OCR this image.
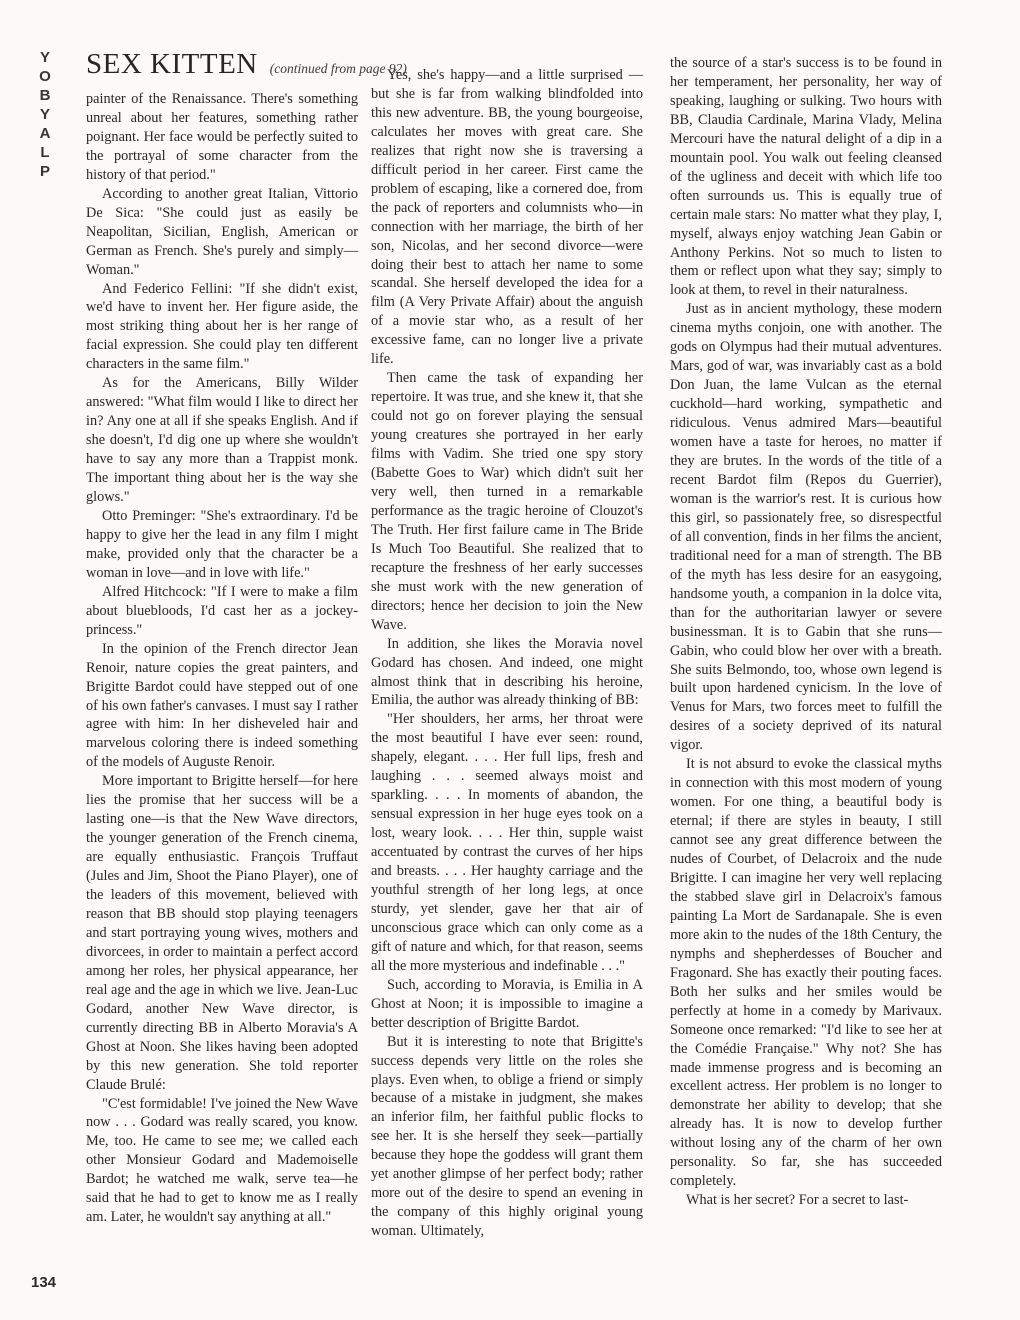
Y
O
B
Y
A
L
P
134
SEX KITTEN (continued from page 92)

painter of the Renaissance. There's something unreal about her features, something rather poignant. Her face would be perfectly suited to the portrayal of some character from the history of that period."

According to another great Italian, Vittorio De Sica: "She could just as easily be Neapolitan, Sicilian, English, American or German as French. She's purely and simply—Woman."

And Federico Fellini: "If she didn't exist, we'd have to invent her. Her figure aside, the most striking thing about her is her range of facial expression. She could play ten different characters in the same film."

As for the Americans, Billy Wilder answered: "What film would I like to direct her in? Any one at all if she speaks English. And if she doesn't, I'd dig one up where she wouldn't have to say any more than a Trappist monk. The important thing about her is the way she glows."

Otto Preminger: "She's extraordinary. I'd be happy to give her the lead in any film I might make, provided only that the character be a woman in love—and in love with life."

Alfred Hitchcock: "If I were to make a film about bluebloods, I'd cast her as a jockey-princess."

In the opinion of the French director Jean Renoir, nature copies the great painters, and Brigitte Bardot could have stepped out of one of his own father's canvases. I must say I rather agree with him: In her disheveled hair and marvelous coloring there is indeed something of the models of Auguste Renoir.

More important to Brigitte herself—for here lies the promise that her success will be a lasting one—is that the New Wave directors, the younger generation of the French cinema, are equally enthusiastic. François Truffaut (Jules and Jim, Shoot the Piano Player), one of the leaders of this movement, believed with reason that BB should stop playing teenagers and start portraying young wives, mothers and divorcees, in order to maintain a perfect accord among her roles, her physical appearance, her real age and the age in which we live. Jean-Luc Godard, another New Wave director, is currently directing BB in Alberto Moravia's A Ghost at Noon. She likes having been adopted by this new generation. She told reporter Claude Brulé:

"C'est formidable! I've joined the New Wave now . . . Godard was really scared, you know. Me, too. He came to see me; we called each other Monsieur Godard and Mademoiselle Bardot; he watched me walk, serve tea—he said that he had to get to know me as I really am. Later, he wouldn't say anything at all."

Yes, she's happy—and a little surprised —but she is far from walking blindfolded into this new adventure. BB, the young bourgeoise, calculates her moves with great care. She realizes that right now she is traversing a difficult period in her career. First came the problem of escaping, like a cornered doe, from the pack of reporters and columnists who—in connection with her marriage, the birth of her son, Nicolas, and her second divorce—were doing their best to attach her name to some scandal. She herself developed the idea for a film (A Very Private Affair) about the anguish of a movie star who, as a result of her excessive fame, can no longer live a private life.

Then came the task of expanding her repertoire. It was true, and she knew it, that she could not go on forever playing the sensual young creatures she portrayed in her early films with Vadim. She tried one spy story (Babette Goes to War) which didn't suit her very well, then turned in a remarkable performance as the tragic heroine of Clouzot's The Truth. Her first failure came in The Bride Is Much Too Beautiful. She realized that to recapture the freshness of her early successes she must work with the new generation of directors; hence her decision to join the New Wave.

In addition, she likes the Moravia novel Godard has chosen. And indeed, one might almost think that in describing his heroine, Emilia, the author was already thinking of BB:

"Her shoulders, her arms, her throat were the most beautiful I have ever seen: round, shapely, elegant. . . . Her full lips, fresh and laughing . . . seemed always moist and sparkling. . . . In moments of abandon, the sensual expression in her huge eyes took on a lost, weary look. . . . Her thin, supple waist accentuated by contrast the curves of her hips and breasts. . . . Her haughty carriage and the youthful strength of her long legs, at once sturdy, yet slender, gave her that air of unconscious grace which can only come as a gift of nature and which, for that reason, seems all the more mysterious and indefinable . . ."

Such, according to Moravia, is Emilia in A Ghost at Noon; it is impossible to imagine a better description of Brigitte Bardot.

But it is interesting to note that Brigitte's success depends very little on the roles she plays. Even when, to oblige a friend or simply because of a mistake in judgment, she makes an inferior film, her faithful public flocks to see her. It is she herself they seek—partially because they hope the goddess will grant them yet another glimpse of her perfect body; rather more out of the desire to spend an evening in the company of this highly original young woman. Ultimately,

the source of a star's success is to be found in her temperament, her personality, her way of speaking, laughing or sulking. Two hours with BB, Claudia Cardinale, Marina Vlady, Melina Mercouri have the natural delight of a dip in a mountain pool. You walk out feeling cleansed of the ugliness and deceit with which life too often surrounds us. This is equally true of certain male stars: No matter what they play, I, myself, always enjoy watching Jean Gabin or Anthony Perkins. Not so much to listen to them or reflect upon what they say; simply to look at them, to revel in their naturalness.

Just as in ancient mythology, these modern cinema myths conjoin, one with another. The gods on Olympus had their mutual adventures. Mars, god of war, was invariably cast as a bold Don Juan, the lame Vulcan as the eternal cuckhold—hard working, sympathetic and ridiculous. Venus admired Mars—beautiful women have a taste for heroes, no matter if they are brutes. In the words of the title of a recent Bardot film (Repos du Guerrier), woman is the warrior's rest. It is curious how this girl, so passionately free, so disrespectful of all convention, finds in her films the ancient, traditional need for a man of strength. The BB of the myth has less desire for an easygoing, handsome youth, a companion in la dolce vita, than for the authoritarian lawyer or severe businessman. It is to Gabin that she runs—Gabin, who could blow her over with a breath. She suits Belmondo, too, whose own legend is built upon hardened cynicism. In the love of Venus for Mars, two forces meet to fulfill the desires of a society deprived of its natural vigor.

It is not absurd to evoke the classical myths in connection with this most modern of young women. For one thing, a beautiful body is eternal; if there are styles in beauty, I still cannot see any great difference between the nudes of Courbet, of Delacroix and the nude Brigitte. I can imagine her very well replacing the stabbed slave girl in Delacroix's famous painting La Mort de Sardanapale. She is even more akin to the nudes of the 18th Century, the nymphs and shepherdesses of Boucher and Fragonard. She has exactly their pouting faces. Both her sulks and her smiles would be perfectly at home in a comedy by Marivaux. Someone once remarked: "I'd like to see her at the Comédie Française." Why not? She has made immense progress and is becoming an excellent actress. Her problem is no longer to demonstrate her ability to develop; that she already has. It is now to develop further without losing any of the charm of her own personality. So far, she has succeeded completely.

What is her secret? For a secret to last-
